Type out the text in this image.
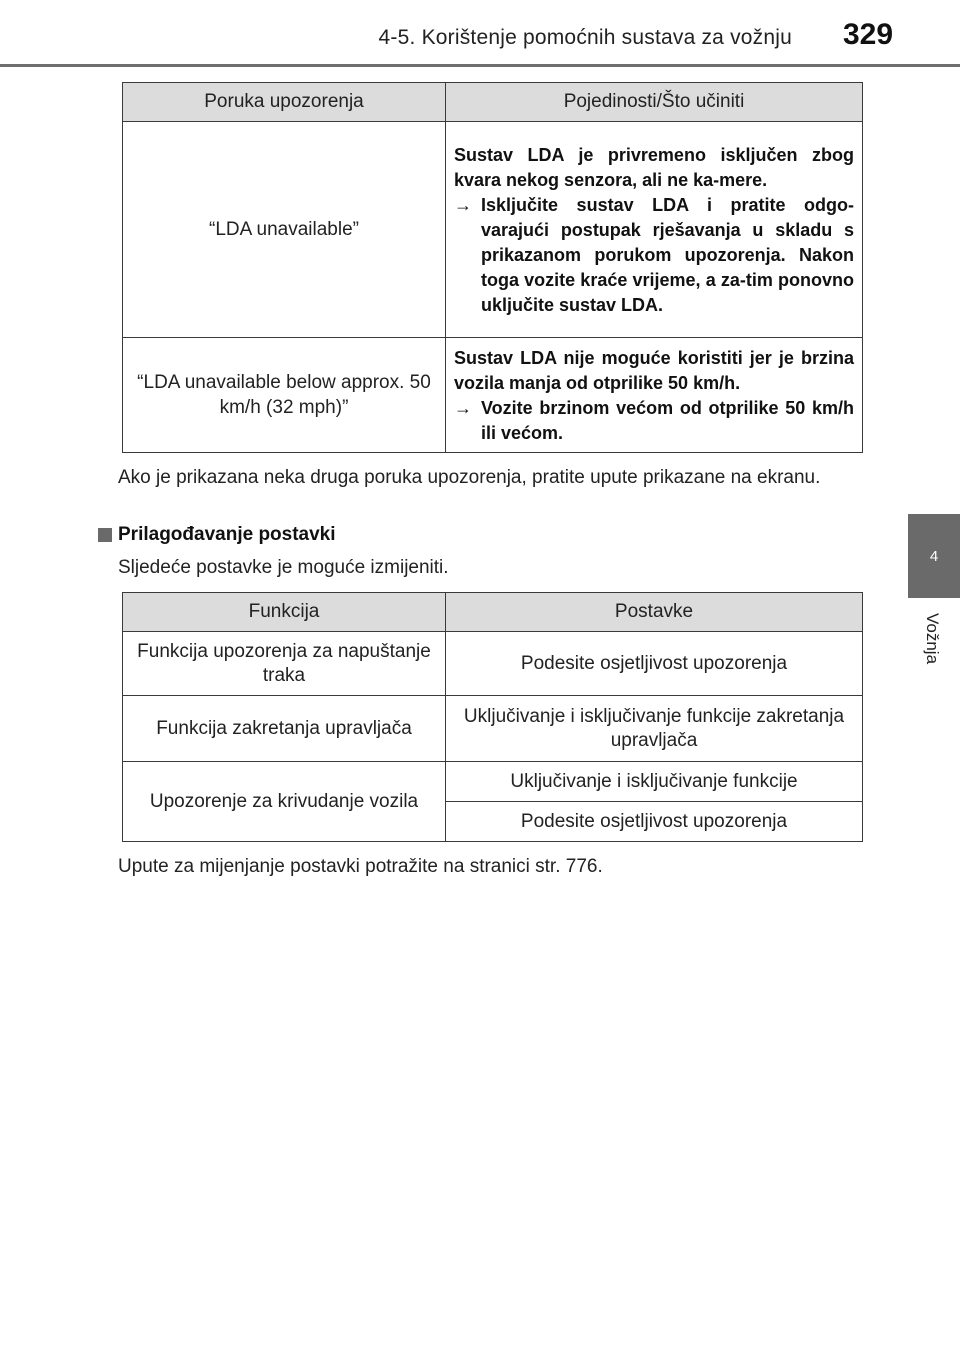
4-5. Korištenje pomoćnih sustava za vožnju	329
4
Vožnja
Poruka upozorenja	Pojedinosti/Što učiniti
“LDA unavailable”	Sustav LDA je privremeno isključen zbog kvara nekog senzora, ali ne ka-mere.
→ Isključite sustav LDA i pratite odgo-varajući postupak rješavanja u skladu s prikazanom porukom upozorenja. Nakon toga vozite kraće vrijeme, a za-tim ponovno uključite sustav LDA.

“LDA unavailable below approx. 50 km/h (32 mph)”	Sustav LDA nije moguće koristiti jer je brzina vozila manja od otprilike 50 km/h.
→ Vozite brzinom većom od otprilike 50 km/h ili većom.
Ako je prikazana neka druga poruka upozorenja, pratite upute prikazane na ekranu.
Prilagođavanje postavki
Sljedeće postavke je moguće izmijeniti.
Funkcija	Postavke
Funkcija upozorenja za napuštanje traka	Podesite osjetljivost upozorenja
Funkcija zakretanja upravljača	Uključivanje i isključivanje funkcije zakretanja upravljača
Upozorenje za krivudanje vozila	Uključivanje i isključivanje funkcije
	Podesite osjetljivost upozorenja
Upute za mijenjanje postavki potražite na stranici str. 776.
